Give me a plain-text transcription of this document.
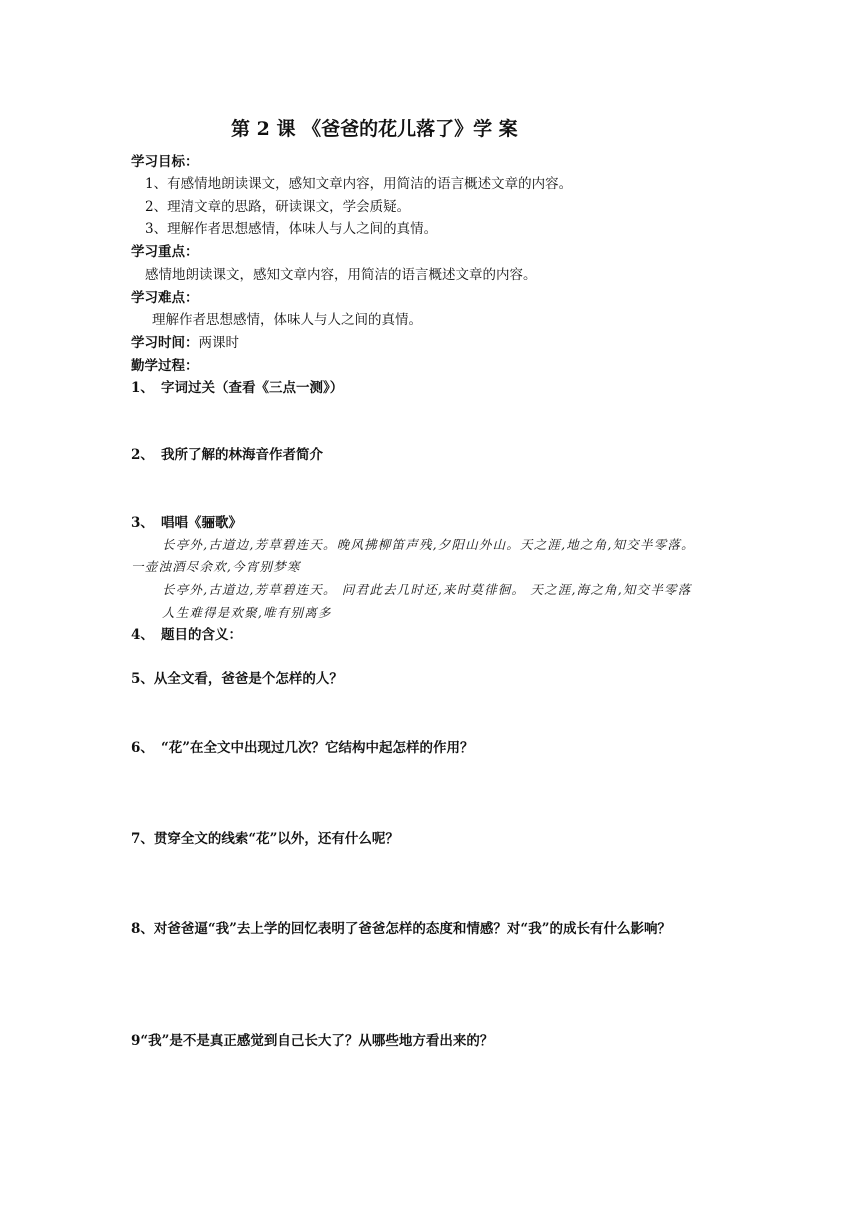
第 2 课 《爸爸的花儿落了》学 案
学习目标：
1、有感情地朗读课文，感知文章内容，用简洁的语言概述文章的内容。
2、理清文章的思路，研读课文，学会质疑。
3、理解作者思想感情，体味人与人之间的真情。
学习重点：
感情地朗读课文，感知文章内容，用简洁的语言概述文章的内容。
学习难点：
理解作者思想感情，体味人与人之间的真情。
学习时间：两课时
勤学过程：
1、 字词过关（查看《三点一测》）
2、 我所了解的林海音作者简介
3、 唱唱《骊歌》
长亭外,古道边,芳草碧连天。晚风拂柳笛声残,夕阳山外山。天之涯,地之角,知交半零落。
一壶浊酒尽余欢,今宵别梦寒
长亭外,古道边,芳草碧连天。 问君此去几时还,来时莫徘徊。 天之涯,海之角,知交半零落
人生难得是欢聚,唯有别离多
4、 题目的含义：
5、从全文看，爸爸是个怎样的人？
6、 “花”在全文中出现过几次？它结构中起怎样的作用？
7、贯穿全文的线索“花”以外，还有什么呢？
8、对爸爸逼“我”去上学的回忆表明了爸爸怎样的态度和情感？对“我”的成长有什么影响？
9“我”是不是真正感觉到自己长大了？从哪些地方看出来的？
